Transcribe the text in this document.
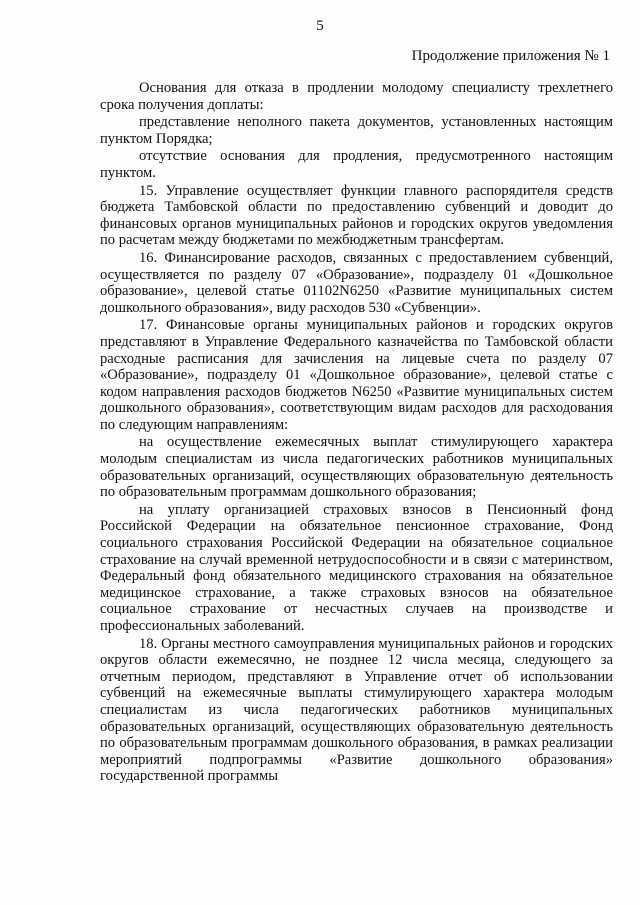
5
Продолжение приложения № 1

Основания для отказа в продлении молодому специалисту трехлетнего срока получения доплаты:

представление неполного пакета документов, установленных настоящим пунктом Порядка;

отсутствие основания для продления, предусмотренного настоящим пунктом.

15. Управление осуществляет функции главного распорядителя средств бюджета Тамбовской области по предоставлению субвенций и доводит до финансовых органов муниципальных районов и городских округов уведомления по расчетам между бюджетами по межбюджетным трансфертам.

16. Финансирование расходов, связанных с предоставлением субвенций, осуществляется по разделу 07 «Образование», подразделу 01 «Дошкольное образование», целевой статье 01102N6250 «Развитие муниципальных систем дошкольного образования», виду расходов 530 «Субвенции».

17. Финансовые органы муниципальных районов и городских округов представляют в Управление Федерального казначейства по Тамбовской области расходные расписания для зачисления на лицевые счета по разделу 07 «Образование», подразделу 01 «Дошкольное образование», целевой статье с кодом направления расходов бюджетов N6250 «Развитие муниципальных систем дошкольного образования», соответствующим видам расходов для расходования по следующим направлениям:

на осуществление ежемесячных выплат стимулирующего характера молодым специалистам из числа педагогических работников муниципальных образовательных организаций, осуществляющих образовательную деятельность по образовательным программам дошкольного образования;

на уплату организацией страховых взносов в Пенсионный фонд Российской Федерации на обязательное пенсионное страхование, Фонд социального страхования Российской Федерации на обязательное социальное страхование на случай временной нетрудоспособности и в связи с материнством, Федеральный фонд обязательного медицинского страхования на обязательное медицинское страхование, а также страховых взносов на обязательное социальное страхование от несчастных случаев на производстве и профессиональных заболеваний.

18. Органы местного самоуправления муниципальных районов и городских округов области ежемесячно, не позднее 12 числа месяца, следующего за отчетным периодом, представляют в Управление отчет об использовании субвенций на ежемесячные выплаты стимулирующего характера молодым специалистам из числа педагогических работников муниципальных образовательных организаций, осуществляющих образовательную деятельность по образовательным программам дошкольного образования, в рамках реализации мероприятий подпрограммы «Развитие дошкольного образования» государственной программы
